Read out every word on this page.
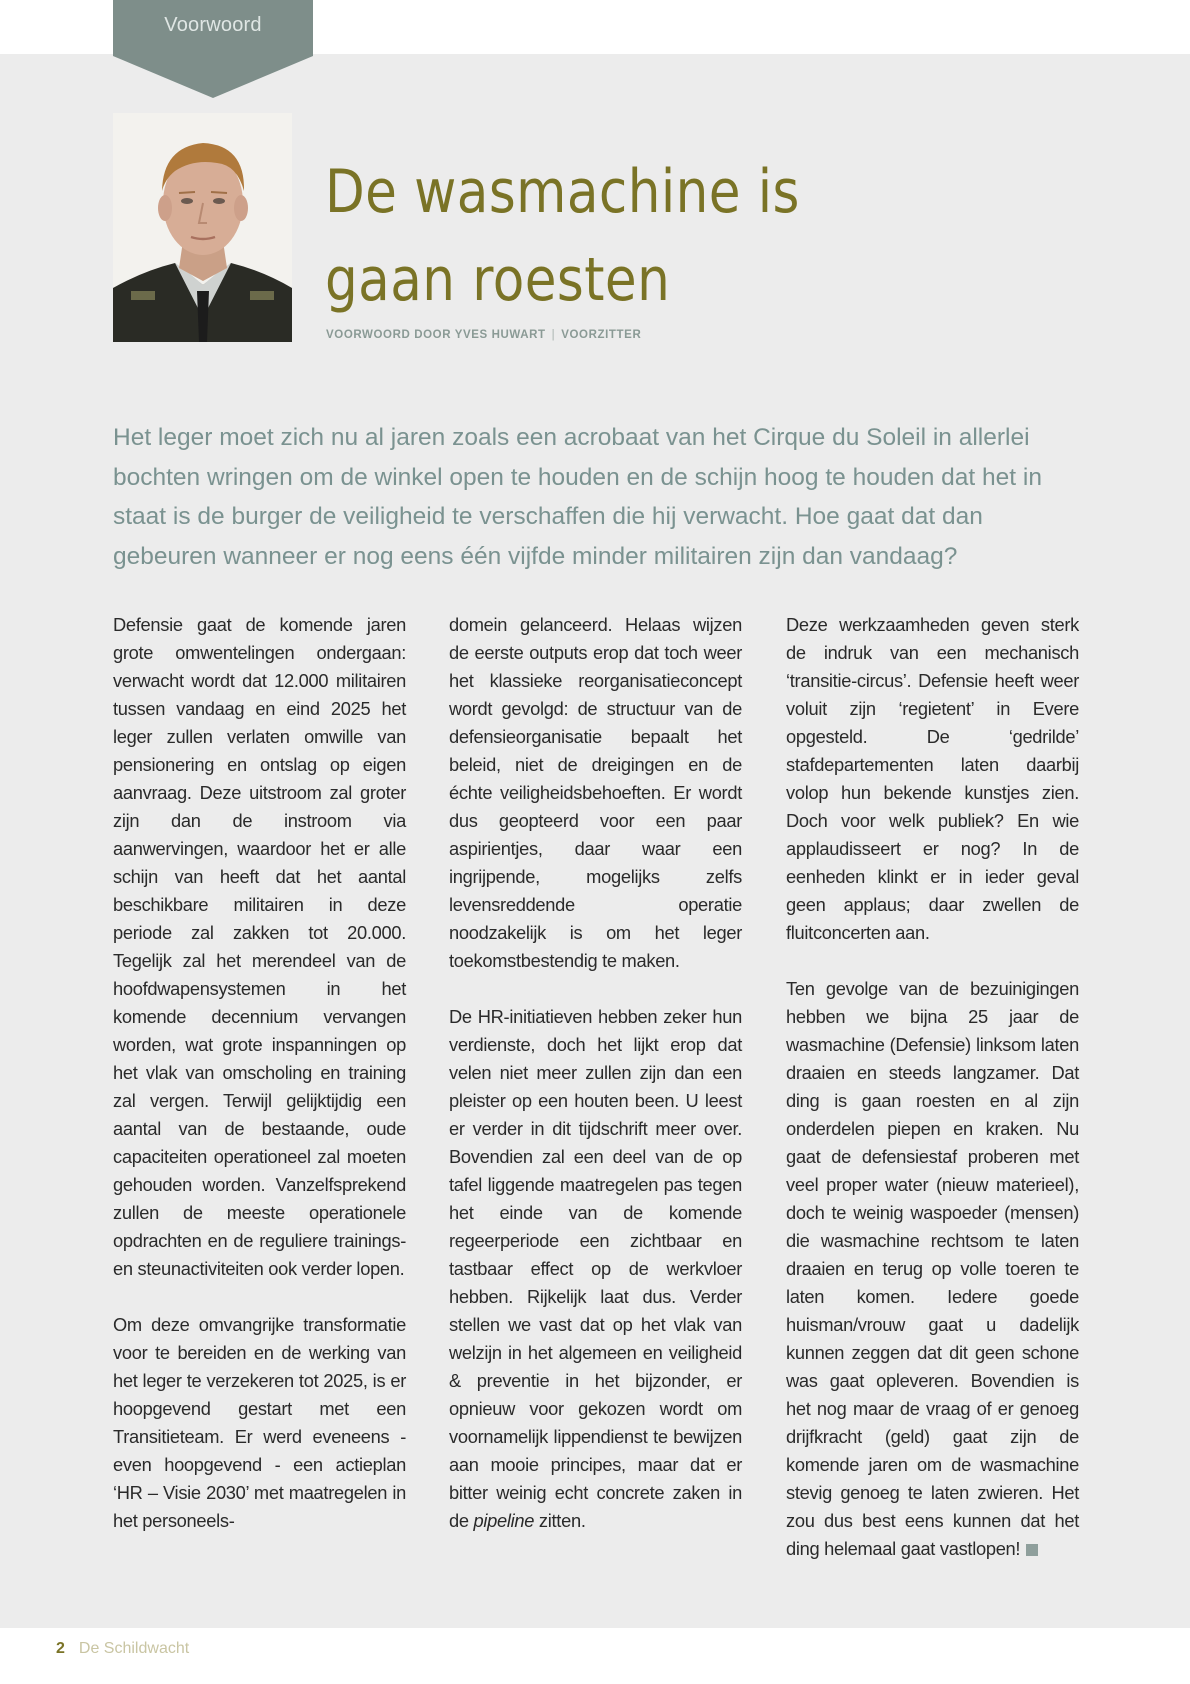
Voorwoord
De wasmachine is
gaan roesten
VOORWOORD DOOR YVES HUWART | VOORZITTER

Het leger moet zich nu al jaren zoals een acrobaat van het Cirque du Soleil in allerlei bochten wringen om de winkel open te houden en de schijn hoog te houden dat het in staat is de burger de veiligheid te verschaffen die hij verwacht. Hoe gaat dat dan gebeuren wanneer er nog eens één vijfde minder militairen zijn dan vandaag?

Defensie gaat de komende jaren grote omwentelingen ondergaan: verwacht wordt dat 12.000 militairen tussen vandaag en eind 2025 het leger zullen verlaten omwille van pensionering en ontslag op eigen aanvraag. Deze uitstroom zal groter zijn dan de instroom via aanwervingen, waardoor het er alle schijn van heeft dat het aantal beschikbare militairen in deze periode zal zakken tot 20.000. Tegelijk zal het merendeel van de hoofdwapensystemen in het komende decennium vervangen worden, wat grote inspanningen op het vlak van omscholing en training zal vergen. Terwijl gelijktijdig een aantal van de bestaande, oude capaciteiten operationeel zal moeten gehouden worden. Vanzelfsprekend zullen de meeste operationele opdrachten en de reguliere trainings- en steunactiviteiten ook verder lopen.

Om deze omvangrijke transformatie voor te bereiden en de werking van het leger te verzekeren tot 2025, is er hoopgevend gestart met een Transitieteam. Er werd eveneens - even hoopgevend - een actieplan ‘HR – Visie 2030’ met maatregelen in het personeels-

domein gelanceerd. Helaas wijzen de eerste outputs erop dat toch weer het klassieke reorganisatieconcept wordt gevolgd: de structuur van de defensieorganisatie bepaalt het beleid, niet de dreigingen en de échte veiligheidsbehoeften. Er wordt dus geopteerd voor een paar aspirientjes, daar waar een ingrijpende, mogelijks zelfs levensreddende operatie noodzakelijk is om het leger toekomstbestendig te maken.

De HR-initiatieven hebben zeker hun verdienste, doch het lijkt erop dat velen niet meer zullen zijn dan een pleister op een houten been. U leest er verder in dit tijdschrift meer over. Bovendien zal een deel van de op tafel liggende maatregelen pas tegen het einde van de komende regeerperiode een zichtbaar en tastbaar effect op de werkvloer hebben. Rijkelijk laat dus. Verder stellen we vast dat op het vlak van welzijn in het algemeen en veiligheid & preventie in het bijzonder, er opnieuw voor gekozen wordt om voornamelijk lippendienst te bewijzen aan mooie principes, maar dat er bitter weinig echt concrete zaken in de pipeline zitten.

Deze werkzaamheden geven sterk de indruk van een mechanisch ‘transitie-circus’. Defensie heeft weer voluit zijn ‘regietent’ in Evere opgesteld. De ‘gedrilde’ stafdepartementen laten daarbij volop hun bekende kunstjes zien. Doch voor welk publiek? En wie applaudisseert er nog? In de eenheden klinkt er in ieder geval geen applaus; daar zwellen de fluitconcerten aan.

Ten gevolge van de bezuinigingen hebben we bijna 25 jaar de wasmachine (Defensie) linksom laten draaien en steeds langzamer. Dat ding is gaan roesten en al zijn onderdelen piepen en kraken. Nu gaat de defensiestaf proberen met veel proper water (nieuw materieel), doch te weinig waspoeder (mensen) die wasmachine rechtsom te laten draaien en terug op volle toeren te laten komen. Iedere goede huisman/vrouw gaat u dadelijk kunnen zeggen dat dit geen schone was gaat opleveren. Bovendien is het nog maar de vraag of er genoeg drijfkracht (geld) gaat zijn de komende jaren om de wasmachine stevig genoeg te laten zwieren. Het zou dus best eens kunnen dat het ding helemaal gaat vastlopen!

2 De Schildwacht
